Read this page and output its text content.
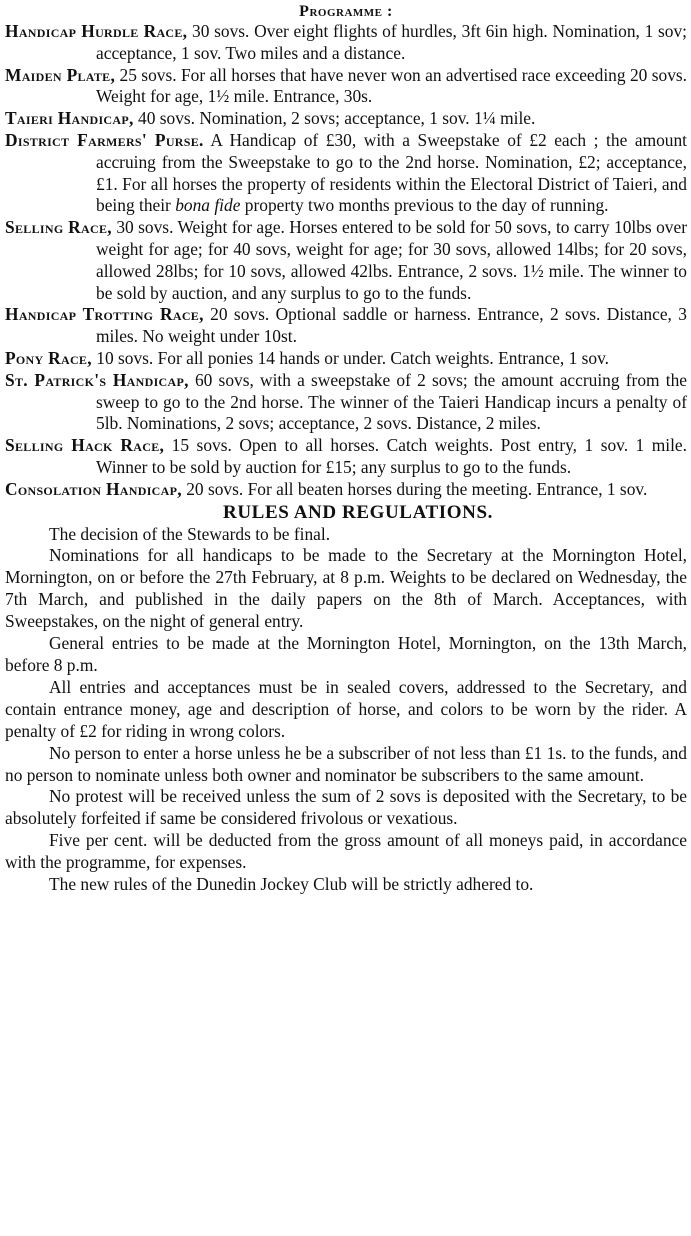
Programme :

Handicap Hurdle Race, 30 sovs. Over eight flights of hurdles, 3ft 6in high. Nomination, 1 sov; acceptance, 1 sov. Two miles and a distance.

Maiden Plate, 25 sovs. For all horses that have never won an advertised race exceeding 20 sovs. Weight for age, 1½ mile. Entrance, 30s.

Taieri Handicap, 40 sovs. Nomination, 2 sovs; acceptance, 1 sov. 1¼ mile.

District Farmers' Purse. A Handicap of £30, with a Sweepstake of £2 each ; the amount accruing from the Sweepstake to go to the 2nd horse. Nomination, £2; acceptance, £1. For all horses the property of residents within the Electoral District of Taieri, and being their bona fide property two months previous to the day of running.

Selling Race, 30 sovs. Weight for age. Horses entered to be sold for 50 sovs, to carry 10lbs over weight for age; for 40 sovs, weight for age; for 30 sovs, allowed 14lbs; for 20 sovs, allowed 28lbs; for 10 sovs, allowed 42lbs. Entrance, 2 sovs. 1½ mile. The winner to be sold by auction, and any surplus to go to the funds.

Handicap Trotting Race, 20 sovs. Optional saddle or harness. Entrance, 2 sovs. Distance, 3 miles. No weight under 10st.

Pony Race, 10 sovs. For all ponies 14 hands or under. Catch weights. Entrance, 1 sov.

St. Patrick's Handicap, 60 sovs, with a sweepstake of 2 sovs; the amount accruing from the sweep to go to the 2nd horse. The winner of the Taieri Handicap incurs a penalty of 5lb. Nominations, 2 sovs; acceptance, 2 sovs. Distance, 2 miles.

Selling Hack Race, 15 sovs. Open to all horses. Catch weights. Post entry, 1 sov. 1 mile. Winner to be sold by auction for £15; any surplus to go to the funds.

Consolation Handicap, 20 sovs. For all beaten horses during the meeting. Entrance, 1 sov.

RULES AND REGULATIONS.

The decision of the Stewards to be final.

Nominations for all handicaps to be made to the Secretary at the Mornington Hotel, Mornington, on or before the 27th February, at 8 p.m. Weights to be declared on Wednesday, the 7th March, and published in the daily papers on the 8th of March. Acceptances, with Sweepstakes, on the night of general entry.

General entries to be made at the Mornington Hotel, Mornington, on the 13th March, before 8 p.m.

All entries and acceptances must be in sealed covers, addressed to the Secretary, and contain entrance money, age and description of horse, and colors to be worn by the rider. A penalty of £2 for riding in wrong colors.

No person to enter a horse unless he be a subscriber of not less than £1 1s. to the funds, and no person to nominate unless both owner and nominator be subscribers to the same amount.

No protest will be received unless the sum of 2 sovs is deposited with the Secretary, to be absolutely forfeited if same be considered frivolous or vexatious.

Five per cent. will be deducted from the gross amount of all moneys paid, in accordance with the programme, for expenses.

The new rules of the Dunedin Jockey Club will be strictly adhered to.
